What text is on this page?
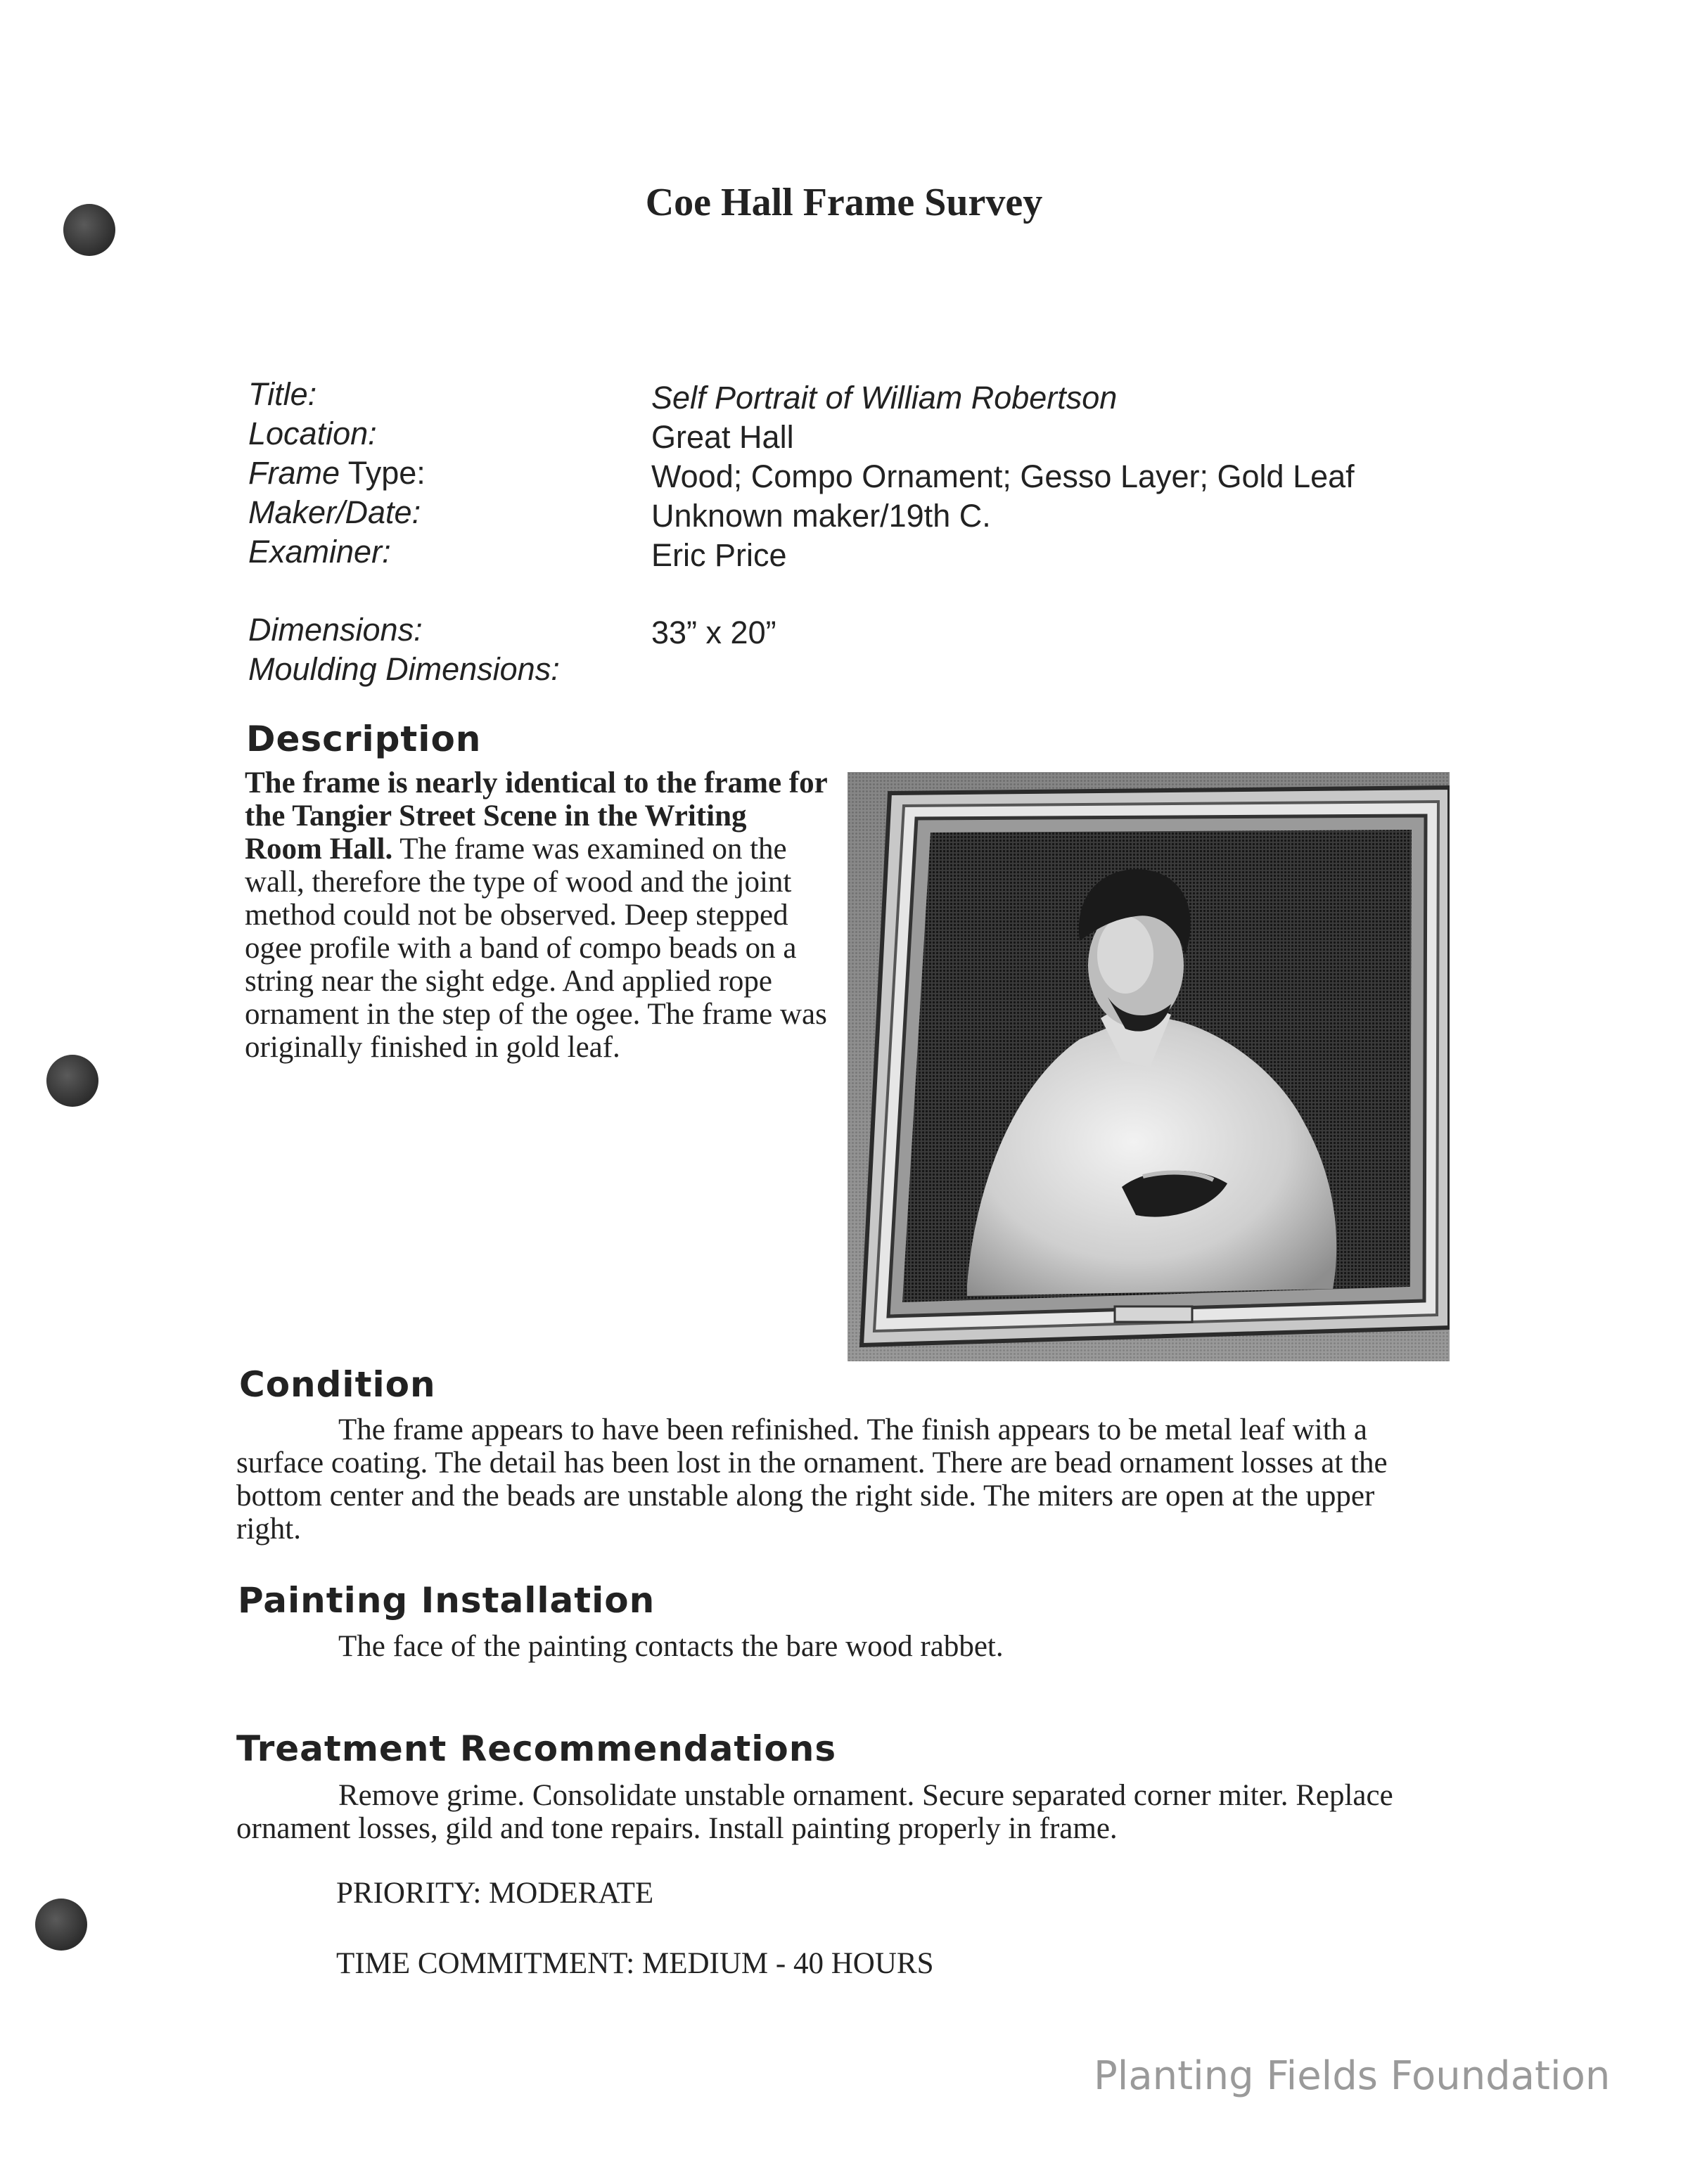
Coe Hall Frame Survey
Title:
Location:
Frame Type:
Maker/Date:
Examiner:
Dimensions:
Moulding Dimensions:
Self Portrait of William Robertson
Great Hall
Wood; Compo Ornament; Gesso Layer; Gold Leaf
Unknown maker/19th C.
Eric Price
33” x 20”
Description
The frame is nearly identical to the frame for the Tangier Street Scene in the Writing Room Hall. The frame was examined on the wall, therefore the type of wood and the joint method could not be observed. Deep stepped ogee profile with a band of compo beads on a string near the sight edge. And applied rope ornament in the step of the ogee. The frame was originally finished in gold leaf.
Condition
The frame appears to have been refinished. The finish appears to be metal leaf with a surface coating. The detail has been lost in the ornament. There are bead ornament losses at the bottom center and the beads are unstable along the right side. The miters are open at the upper right.
Painting Installation
The face of the painting contacts the bare wood rabbet.
Treatment Recommendations
Remove grime. Consolidate unstable ornament. Secure separated corner miter. Replace ornament losses, gild and tone repairs. Install painting properly in frame.
PRIORITY: MODERATE
TIME COMMITMENT: MEDIUM - 40 HOURS
Planting Fields Foundation
